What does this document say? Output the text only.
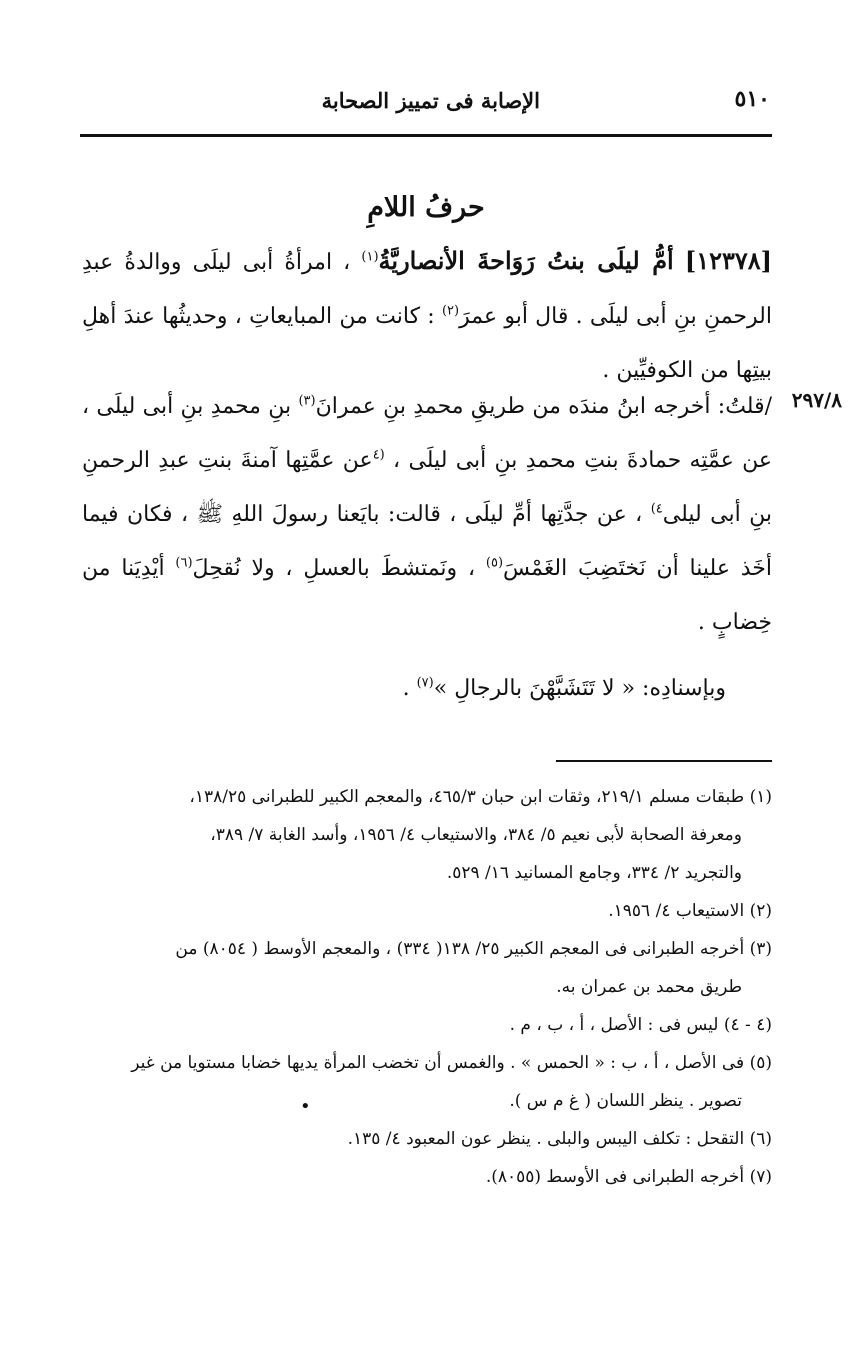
الإصابة فى تمييز الصحابة	٥١٠
حرفُ اللامِ
[١٢٣٧٨] أمُّ ليلَى بنتُ رَوَاحةَ الأنصاريَّةُ$^{(١)}$ ، امرأةُ أبى ليلَى ووالدةُ عبدِ الرحمنِ بنِ أبى ليلَى . قال أبو عمرَ$^{(٢)}$ : كانت من المبايعاتِ ، وحديثُها عندَ أهلِ بيتِها من الكوفيِّين .
٢٩٧/٨
/قلتُ: أخرجه ابنُ مندَه من طريقِ محمدِ بنِ عمرانَ$^{(٣)}$ بنِ محمدِ بنِ أبى ليلَى ، عن عمَّتِه حمادةَ بنتِ محمدِ بنِ أبى ليلَى ، $^{(٤}$عن عمَّتِها آمنةَ بنتِ عبدِ الرحمنِ بنِ أبى ليلى$^{٤)}$ ، عن جدَّتِها أمِّ ليلَى ، قالت: بايَعنا رسولَ اللهِ ﷺ ، فكان فيما أخَذ علينا أن نَختَضِبَ الغَمْسَ$^{(٥)}$ ، ونَمتشطَ بالعسلِ ، ولا نُقحِلَ$^{(٦)}$ أيْدِيَنا من خِضابٍ .
وبإسنادِه: « لا تَتَشَبَّهْنَ بالرجالِ »$^{(٧)}$ .
(١) طبقات مسلم ٢١٩/١، وثقات ابن حبان ٤٦٥/٣، والمعجم الكبير للطبرانى ١٣٨/٢٥،
ومعرفة الصحابة لأبى نعيم ٥/ ٣٨٤، والاستيعاب ٤/ ١٩٥٦، وأسد الغابة ٧/ ٣٨٩،
والتجريد ٢/ ٣٣٤، وجامع المسانيد ١٦/ ٥٢٩.
(٢) الاستيعاب ٤/ ١٩٥٦.
(٣) أخرجه الطبرانى فى المعجم الكبير ٢٥/ ١٣٨( ٣٣٤) ، والمعجم الأوسط ( ٨٠٥٤) من
طريق محمد بن عمران به.
(٤ - ٤) ليس فى : الأصل ، أ ، ب ، م .
(٥) فى الأصل ، أ ، ب : « الحمس » . والغمس أن تخضب المرأة يديها خضابا مستويا من غير
تصوير . ينظر اللسان ( غ م س ).
(٦) التقحل : تكلف اليبس والبلى . ينظر عون المعبود ٤/ ١٣٥.
(٧) أخرجه الطبرانى فى الأوسط (٨٠٥٥).
•
